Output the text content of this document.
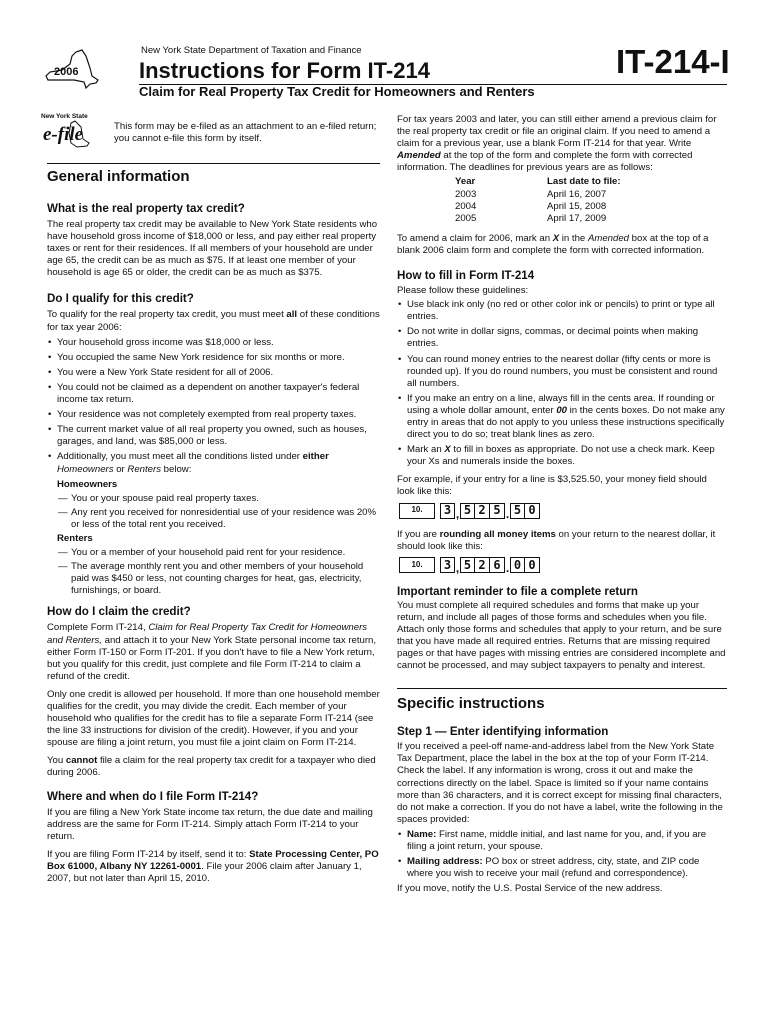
2006
New York State Department of Taxation and Finance	IT-214-I
Instructions for Form IT-214
Claim for Real Property Tax Credit for Homeowners and Renters
New York State
e-file	This form may be e-filed as an attachment to an e-filed return; you cannot e-file this form by itself.
General information
What is the real property tax credit?

The real property tax credit may be available to New York State residents who have household gross income of $18,000 or less, and pay either real property taxes or rent for their residences. If all members of your household are under age 65, the credit can be as much as $75. If at least one member of your household is age 65 or older, the credit can be as much as $375.

Do I qualify for this credit?

To qualify for the real property tax credit, you must meet all of these conditions for tax year 2006:

• Your household gross income was $18,000 or less.
• You occupied the same New York residence for six months or more.
• You were a New York State resident for all of 2006.
• You could not be claimed as a dependent on another taxpayer's federal income tax return.
• Your residence was not completely exempted from real property taxes.
• The current market value of all real property you owned, such as houses, garages, and land, was $85,000 or less.
• Additionally, you must meet all the conditions listed under either Homeowners or Renters below:
Homeowners
— You or your spouse paid real property taxes.
— Any rent you received for nonresidential use of your residence was 20% or less of the total rent you received.
Renters
— You or a member of your household paid rent for your residence.
— The average monthly rent you and other members of your household paid was $450 or less, not counting charges for heat, gas, electricity, furnishings, or board.
How do I claim the credit?

Complete Form IT-214, Claim for Real Property Tax Credit for Homeowners and Renters, and attach it to your New York State personal income tax return, either Form IT-150 or Form IT-201. If you don't have to file a New York return, but you qualify for this credit, just complete and file Form IT-214 to claim a refund of the credit.

Only one credit is allowed per household. If more than one household member qualifies for the credit, you may divide the credit. Each member of your household who qualifies for the credit has to file a separate Form IT-214 (see the line 33 instructions for division of the credit). However, if you and your spouse are filing a joint return, you must file a joint claim on Form IT-214.

You cannot file a claim for the real property tax credit for a taxpayer who died during 2006.

Where and when do I file Form IT-214?

If you are filing a New York State income tax return, the due date and mailing address are the same for Form IT-214. Simply attach Form IT-214 to your return.

If you are filing Form IT-214 by itself, send it to: State Processing Center, PO Box 61000, Albany NY 12261-0001. File your 2006 claim after January 1, 2007, but not later than April 15, 2010.

For tax years 2003 and later, you can still either amend a previous claim for the real property tax credit or file an original claim. If you need to amend a claim for a previous year, use a blank Form IT-214 for that year. Write Amended at the top of the form and complete the form with corrected information. The deadlines for previous years are as follows:

Year	Last date to file:
2003	April 16, 2007
2004	April 15, 2008
2005	April 17, 2009

To amend a claim for 2006, mark an X in the Amended box at the top of a blank 2006 claim form and complete the form with corrected information.

How to fill in Form IT-214

Please follow these guidelines:

• Use black ink only (no red or other color ink or pencils) to print or type all entries.
• Do not write in dollar signs, commas, or decimal points when making entries.
• You can round money entries to the nearest dollar (fifty cents or more is rounded up). If you do round numbers, you must be consistent and round all numbers.
• If you make an entry on a line, always fill in the cents area. If rounding or using a whole dollar amount, enter 00 in the cents boxes. Do not make any entry in areas that do not apply to you unless these instructions specifically direct you to do so; treat blank lines as zero.
• Mark an X to fill in boxes as appropriate. Do not use a check mark. Keep your Xs and numerals inside the boxes.

For example, if your entry for a line is $3,525.50, your money field should look like this:

10.	3 , 5 2 5 . 5 0

If you are rounding all money items on your return to the nearest dollar, it should look like this:

10.	3 , 5 2 6 . 0 0
Important reminder to file a complete return

You must complete all required schedules and forms that make up your return, and include all pages of those forms and schedules when you file. Attach only those forms and schedules that apply to your return, and be sure that you have made all required entries. Returns that are missing required pages or that have pages with missing entries are considered incomplete and cannot be processed, and may subject taxpayers to penalty and interest.

Specific instructions
Step 1 — Enter identifying information

If you received a peel-off name-and-address label from the New York State Tax Department, place the label in the box at the top of your Form IT-214. Check the label. If any information is wrong, cross it out and make the corrections directly on the label. Space is limited so if your name contains more than 36 characters, and it is correct except for missing final characters, do not make a correction. If you do not have a label, write the following in the spaces provided:

• Name: First name, middle initial, and last name for you, and, if you are filing a joint return, your spouse.
• Mailing address: PO box or street address, city, state, and ZIP code where you wish to receive your mail (refund and correspondence).

If you move, notify the U.S. Postal Service of the new address.
